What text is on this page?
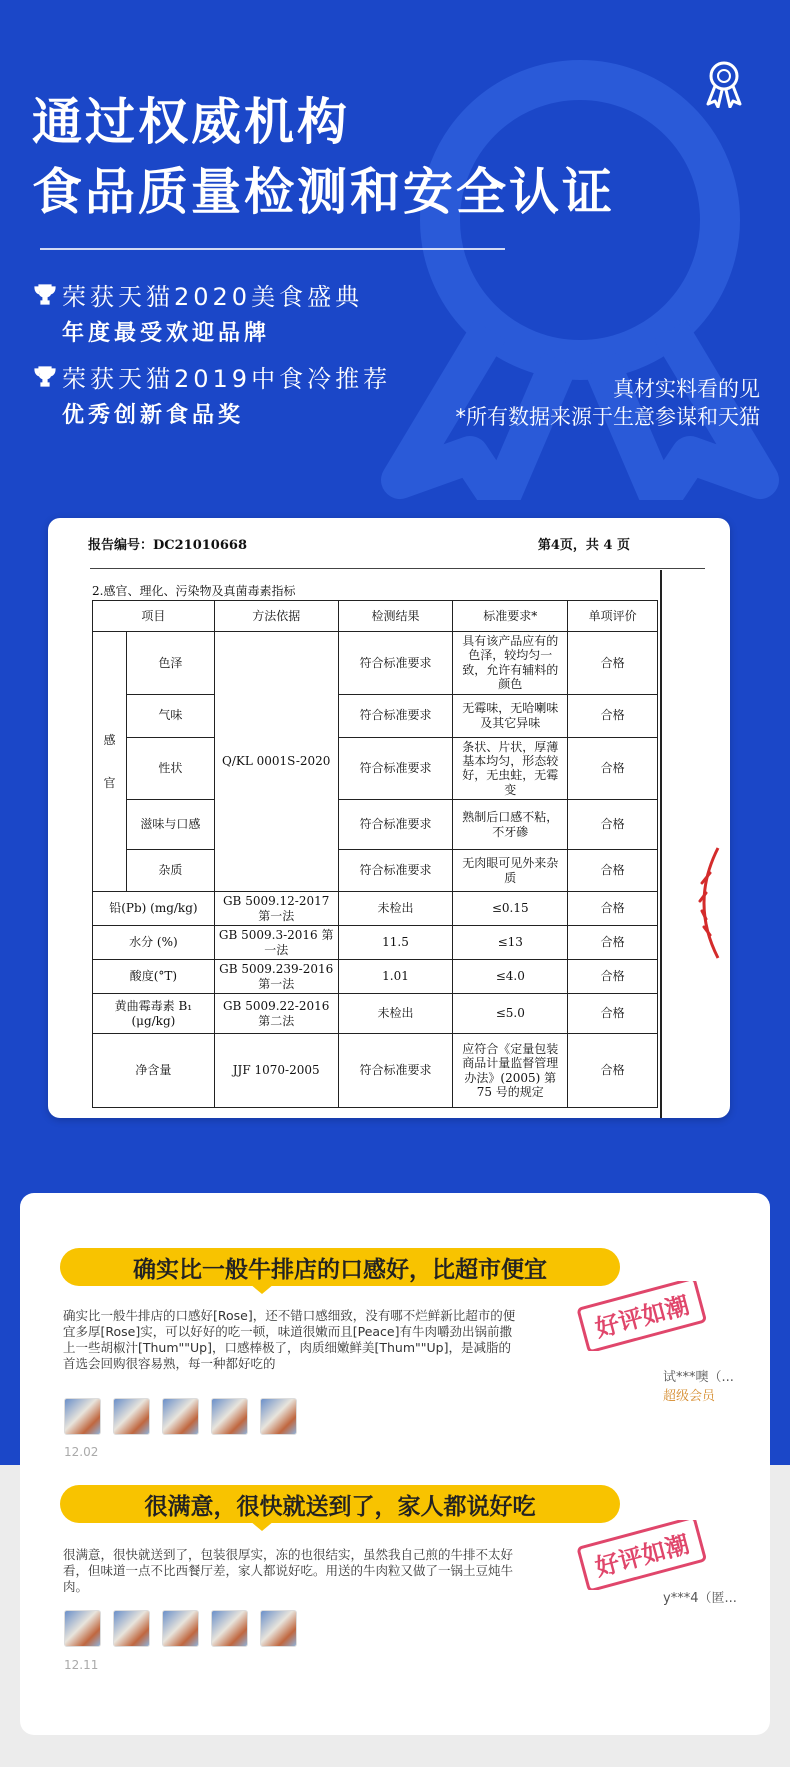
通过权威机构
食品质量检测和安全认证
荣获天猫2020美食盛典
年度最受欢迎品牌
荣获天猫2019中食冷推荐
优秀创新食品奖
真材实料看的见
*所有数据来源于生意参谋和天猫
报告编号：DC21010668	第4页，共 4 页
2.感官、理化、污染物及真菌毒素指标
项目		方法依据	检测结果	标准要求*	单项评价
感

官	色泽	Q/KL 0001S-2020	符合标准要求	具有该产品应有的色泽，较均匀一致，允许有辅料的颜色	合格
	气味		符合标准要求	无霉味，无哈喇味及其它异味	合格
	性状		符合标准要求	条状、片状，厚薄基本均匀，形态较好，无虫蛀，无霉变	合格
	滋味与口感		符合标准要求	熟制后口感不粘，不牙碜	合格
	杂质		符合标准要求	无肉眼可见外来杂质	合格
铅(Pb) (mg/kg)		GB 5009.12-2017 第一法	未检出	≤0.15	合格
水分 (%)		GB 5009.3-2016 第一法	11.5	≤13	合格
酸度(°T)		GB 5009.239-2016 第一法	1.01	≤4.0	合格
黄曲霉毒素 B₁ (μg/kg)		GB 5009.22-2016 第二法	未检出	≤5.0	合格
净含量		JJF 1070-2005	符合标准要求	应符合《定量包装商品计量监督管理办法》(2005) 第 75 号的规定	合格
确实比一般牛排店的口感好，比超市便宜
确实比一般牛排店的口感好[Rose]，还不错口感细致，没有哪不烂鲜新比超市的便宜多厚[Rose]实，可以好好的吃一顿，味道很嫩而且[Peace]有牛肉嚼劲出锅前撒上一些胡椒汁[Thum""Up]，口感棒极了，肉质细嫩鲜美[Thum""Up]，是减脂的首选会回购很容易熟，每一种都好吃的
12.02
好评如潮
试***噢（...
超级会员
很满意，很快就送到了，家人都说好吃
很满意，很快就送到了，包装很厚实，冻的也很结实，虽然我自己煎的牛排不太好看，但味道一点不比西餐厅差，家人都说好吃。用送的牛肉粒又做了一锅土豆炖牛肉。
12.11
好评如潮
y***4（匿...
